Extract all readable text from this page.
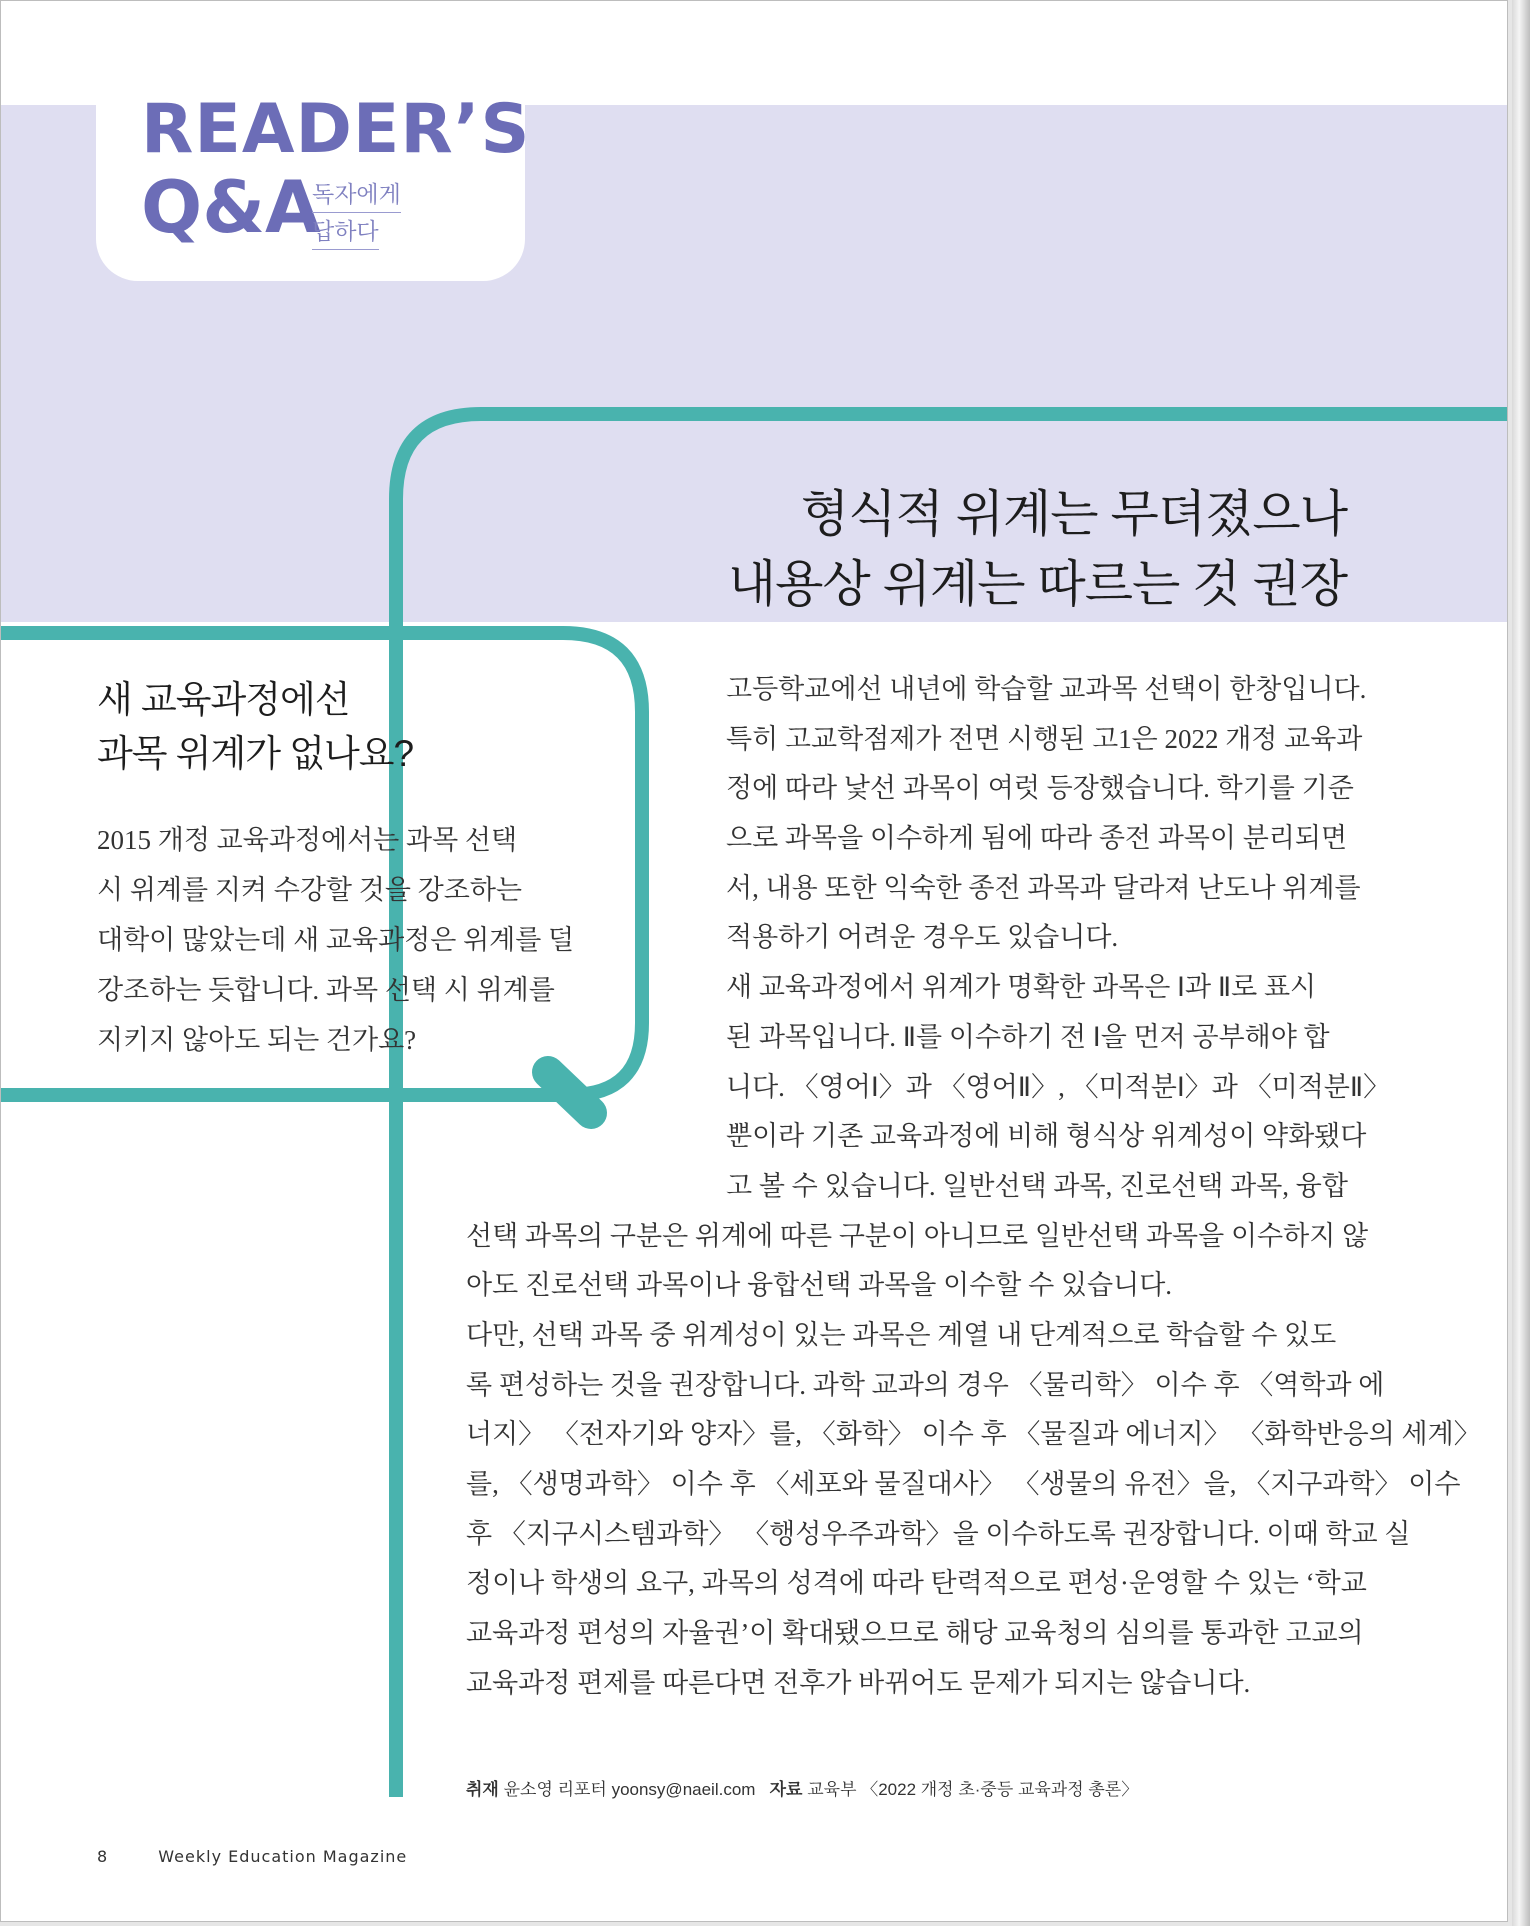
READER’S
Q&A
독자에게
답하다
형식적 위계는 무뎌졌으나
내용상 위계는 따르는 것 권장
새 교육과정에선
과목 위계가 없나요?
2015 개정 교육과정에서는 과목 선택
시 위계를 지켜 수강할 것을 강조하는
대학이 많았는데 새 교육과정은 위계를 덜
강조하는 듯합니다. 과목 선택 시 위계를
지키지 않아도 되는 건가요?
고등학교에선 내년에 학습할 교과목 선택이 한창입니다.
특히 고교학점제가 전면 시행된 고1은 2022 개정 교육과
정에 따라 낯선 과목이 여럿 등장했습니다. 학기를 기준
으로 과목을 이수하게 됨에 따라 종전 과목이 분리되면
서, 내용 또한 익숙한 종전 과목과 달라져 난도나 위계를
적용하기 어려운 경우도 있습니다.
새 교육과정에서 위계가 명확한 과목은 Ⅰ과 Ⅱ로 표시
된 과목입니다. Ⅱ를 이수하기 전 Ⅰ을 먼저 공부해야 합
니다. 〈영어Ⅰ〉과 〈영어Ⅱ〉, 〈미적분Ⅰ〉과 〈미적분Ⅱ〉
뿐이라 기존 교육과정에 비해 형식상 위계성이 약화됐다
고 볼 수 있습니다. 일반선택 과목, 진로선택 과목, 융합
선택 과목의 구분은 위계에 따른 구분이 아니므로 일반선택 과목을 이수하지 않
아도 진로선택 과목이나 융합선택 과목을 이수할 수 있습니다.
다만, 선택 과목 중 위계성이 있는 과목은 계열 내 단계적으로 학습할 수 있도
록 편성하는 것을 권장합니다. 과학 교과의 경우 〈물리학〉 이수 후 〈역학과 에
너지〉 〈전자기와 양자〉를, 〈화학〉 이수 후 〈물질과 에너지〉 〈화학반응의 세계〉
를, 〈생명과학〉 이수 후 〈세포와 물질대사〉 〈생물의 유전〉을, 〈지구과학〉 이수
후 〈지구시스템과학〉 〈행성우주과학〉을 이수하도록 권장합니다. 이때 학교 실
정이나 학생의 요구, 과목의 성격에 따라 탄력적으로 편성·운영할 수 있는 ‘학교
교육과정 편성의 자율권’이 확대됐으므로 해당 교육청의 심의를 통과한 고교의
교육과정 편제를 따른다면 전후가 바뀌어도 문제가 되지는 않습니다.
취재 윤소영 리포터 yoonsy@naeil.com 자료 교육부 〈2022 개정 초·중등 교육과정 총론〉
8	Weekly Education Magazine
